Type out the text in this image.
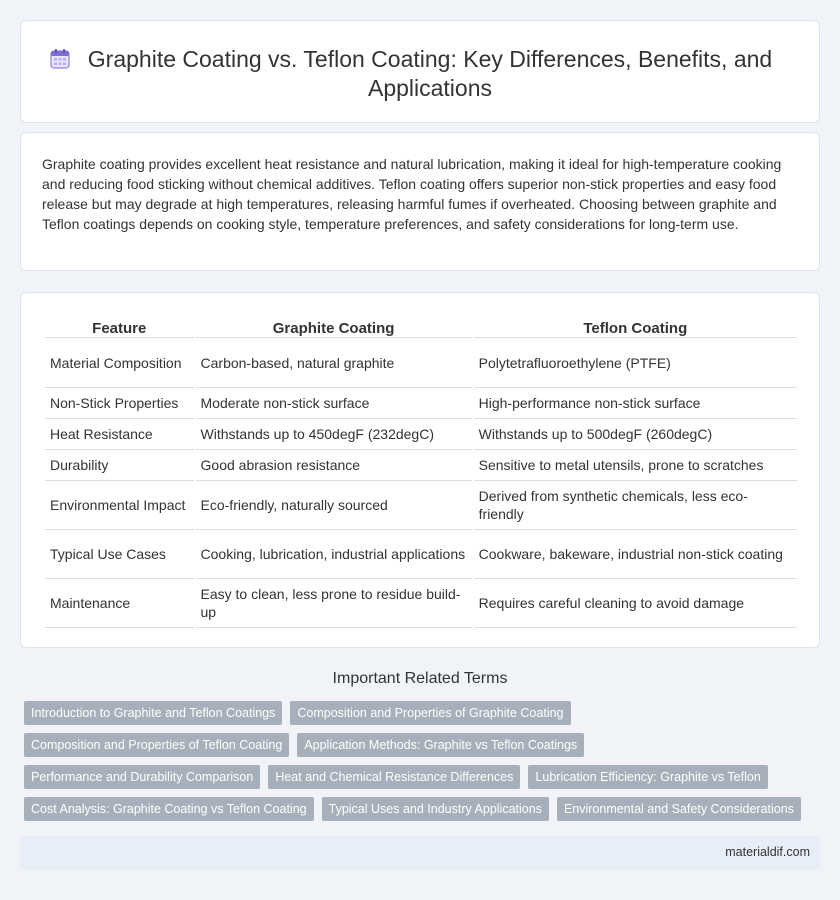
Graphite Coating vs. Teflon Coating: Key Differences, Benefits, and Applications

Graphite coating provides excellent heat resistance and natural lubrication, making it ideal for high-temperature cooking and reducing food sticking without chemical additives. Teflon coating offers superior non-stick properties and easy food release but may degrade at high temperatures, releasing harmful fumes if overheated. Choosing between graphite and Teflon coatings depends on cooking style, temperature preferences, and safety considerations for long-term use.

Feature	Graphite Coating	Teflon Coating
Material Composition	Carbon-based, natural graphite	Polytetrafluoroethylene (PTFE)
Non-Stick Properties	Moderate non-stick surface	High-performance non-stick surface
Heat Resistance	Withstands up to 450degF (232degC)	Withstands up to 500degF (260degC)
Durability	Good abrasion resistance	Sensitive to metal utensils, prone to scratches
Environmental Impact	Eco-friendly, naturally sourced	Derived from synthetic chemicals, less eco-friendly
Typical Use Cases	Cooking, lubrication, industrial applications	Cookware, bakeware, industrial non-stick coating
Maintenance	Easy to clean, less prone to residue build-up	Requires careful cleaning to avoid damage
Important Related Terms
Introduction to Graphite and Teflon Coatings	Composition and Properties of Graphite Coating
Composition and Properties of Teflon Coating	Application Methods: Graphite vs Teflon Coatings
Performance and Durability Comparison	Heat and Chemical Resistance Differences	Lubrication Efficiency: Graphite vs Teflon
Cost Analysis: Graphite Coating vs Teflon Coating	Typical Uses and Industry Applications	Environmental and Safety Considerations
materialdif.com
